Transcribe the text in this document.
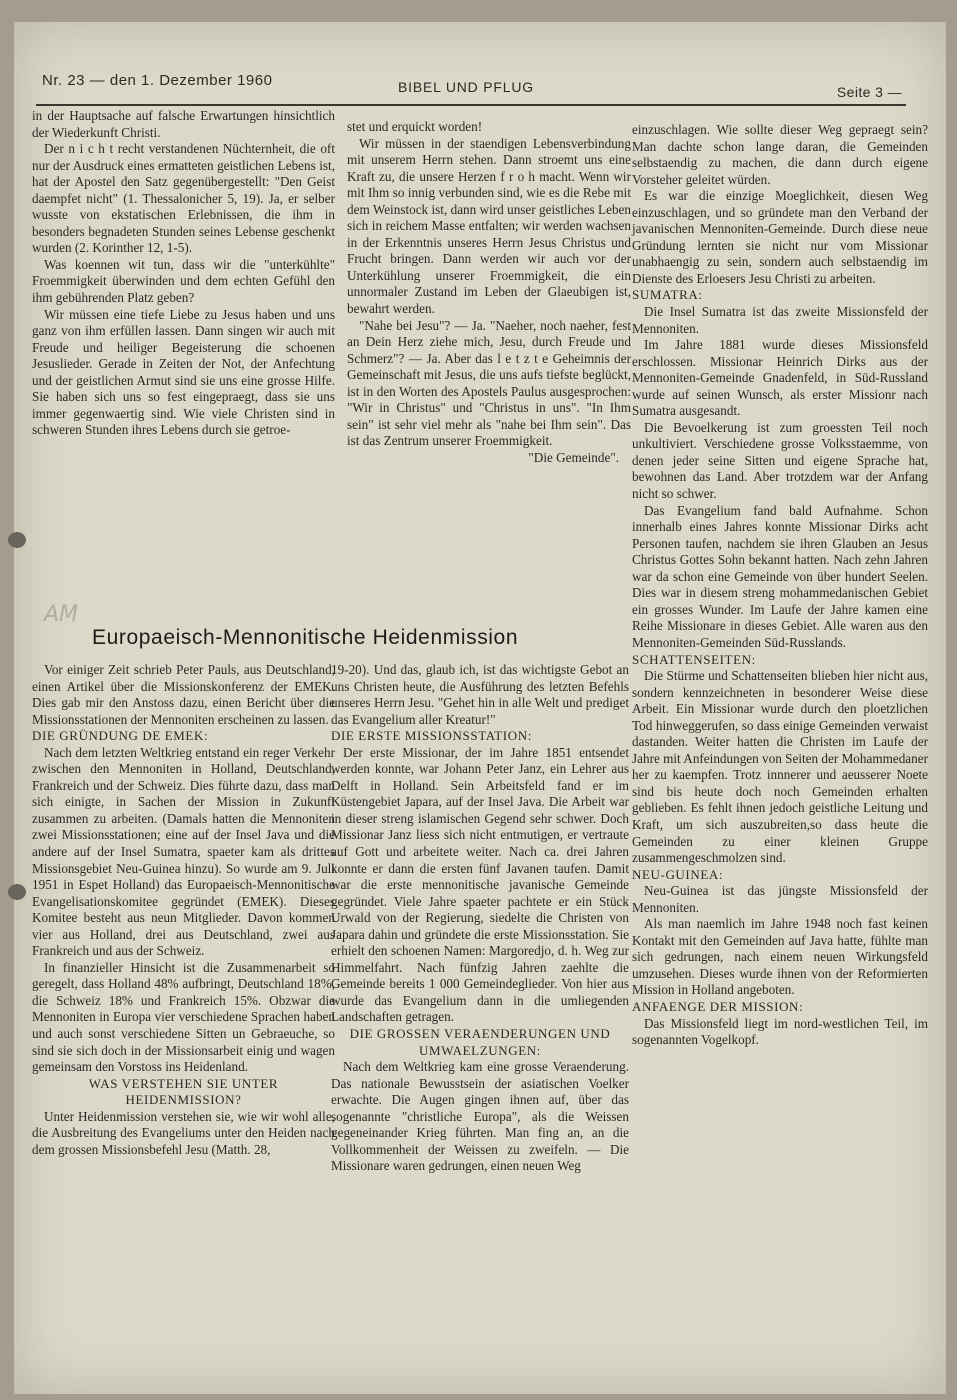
Nr. 23 — den 1. Dezember 1960	BIBEL UND PFLUG	Seite 3 —

in der Hauptsache auf falsche Erwartungen hinsichtlich der Wiederkunft Christi.

Der n i c h t recht verstandenen Nüchternheit, die oft nur der Ausdruck eines ermatteten geistlichen Lebens ist, hat der Apostel den Satz gegenübergestellt: "Den Geist daempfet nicht" (1. Thessalonicher 5, 19). Ja, er selber wusste von ekstatischen Erlebnissen, die ihm in besonders begnadeten Stunden seines Lebense geschenkt wurden (2. Korinther 12, 1-5).

Was koennen wit tun, dass wir die "unterkühlte" Froemmigkeit überwinden und dem echten Gefühl den ihm gebührenden Platz geben?

Wir müssen eine tiefe Liebe zu Jesus haben und uns ganz von ihm erfüllen lassen. Dann singen wir auch mit Freude und heiliger Begeisterung die schoenen Jesuslieder. Gerade in Zeiten der Not, der Anfechtung und der geistlichen Armut sind sie uns eine grosse Hilfe. Sie haben sich uns so fest eingepraegt, dass sie uns immer gegenwaertig sind. Wie viele Christen sind in schweren Stunden ihres Lebens durch sie getroe-

stet und erquickt worden!

Wir müssen in der staendigen Lebensverbindung mit unserem Herrn stehen. Dann stroemt uns eine Kraft zu, die unsere Herzen f r o h macht. Wenn wir mit Ihm so innig verbunden sind, wie es die Rebe mit dem Weinstock ist, dann wird unser geistliches Leben sich in reichem Masse entfalten; wir werden wachsen in der Erkenntnis unseres Herrn Jesus Christus und Frucht bringen. Dann werden wir auch vor der Unterkühlung unserer Froemmigkeit, die ein unnormaler Zustand im Leben der Glaeubigen ist, bewahrt werden.

"Nahe bei Jesu"? — Ja. "Naeher, noch naeher, fest an Dein Herz ziehe mich, Jesu, durch Freude und Schmerz"? — Ja. Aber das l e t z t e Geheimnis der Gemeinschaft mit Jesus, die uns aufs tiefste beglückt, ist in den Worten des Apostels Paulus ausgesprochen: "Wir in Christus" und "Christus in uns". "In Ihm sein" ist sehr viel mehr als "nahe bei Ihm sein". Das ist das Zentrum unserer Froemmigkeit.

"Die Gemeinde".

einzuschlagen. Wie sollte dieser Weg gepraegt sein? Man dachte schon lange daran, die Gemeinden selbstaendig zu machen, die dann durch eigene Vorsteher geleitet würden.

Es war die einzige Moeglichkeit, diesen Weg einzuschlagen, und so gründete man den Verband der javanischen Mennoniten-Gemeinde. Durch diese neue Gründung lernten sie nicht nur vom Missionar unabhaengig zu sein, sondern auch selbstaendig im Dienste des Erloesers Jesu Christi zu arbeiten.

SUMATRA:

Die Insel Sumatra ist das zweite Missionsfeld der Mennoniten.

Im Jahre 1881 wurde dieses Missionsfeld erschlossen. Missionar Heinrich Dirks aus der Mennoniten-Gemeinde Gnadenfeld, in Süd-Russland wurde auf seinen Wunsch, als erster Missionr nach Sumatra ausgesandt.

Die Bevoelkerung ist zum groessten Teil noch unkultiviert. Verschiedene grosse Volksstaemme, von denen jeder seine Sitten und eigene Sprache hat, bewohnen das Land. Aber trotzdem war der Anfang nicht so schwer.

Das Evangelium fand bald Aufnahme. Schon innerhalb eines Jahres konnte Missionar Dirks acht Personen taufen, nachdem sie ihren Glauben an Jesus Christus Gottes Sohn bekannt hatten. Nach zehn Jahren war da schon eine Gemeinde von über hundert Seelen. Dies war in diesem streng mohammedanischen Gebiet ein grosses Wunder. Im Laufe der Jahre kamen eine Reihe Missionare in dieses Gebiet. Alle waren aus den Mennoniten-Gemeinden Süd-Russlands.

SCHATTENSEITEN:

Die Stürme und Schattenseiten blieben hier nicht aus, sondern kennzeichneten in besonderer Weise diese Arbeit. Ein Missionar wurde durch den ploetzlichen Tod hinweggerufen, so dass einige Gemeinden verwaist dastanden. Weiter hatten die Christen im Laufe der Jahre mit Anfeindungen von Seiten der Mohammedaner her zu kaempfen. Trotz innnerer und aeusserer Noete sind bis heute doch noch Gemeinden erhalten geblieben. Es fehlt ihnen jedoch geistliche Leitung und Kraft, um sich auszubreiten,so dass heute die Gemeinden zu einer kleinen Gruppe zusammengeschmolzen sind.

NEU-GUINEA:

Neu-Guinea ist das jüngste Missionsfeld der Mennoniten.

Als man naemlich im Jahre 1948 noch fast keinen Kontakt mit den Gemeinden auf Java hatte, fühlte man sich gedrungen, nach einem neuen Wirkungsfeld umzusehen. Dieses wurde ihnen von der Reformierten Mission in Holland angeboten.

ANFAENGE DER MISSION:

Das Missionsfeld liegt im nord-westlichen Teil, im sogenannten Vogelkopf.

AM
Europaeisch-Mennonitische Heidenmission

Vor einiger Zeit schrieb Peter Pauls, aus Deutschland, einen Artikel über die Missionskonferenz der EMEK. Dies gab mir den Anstoss dazu, einen Bericht über die Missionsstationen der Mennoniten erscheinen zu lassen.

DIE GRÜNDUNG DE EMEK:

Nach dem letzten Weltkrieg entstand ein reger Verkehr zwischen den Mennoniten in Holland, Deutschland, Frankreich und der Schweiz. Dies führte dazu, dass man sich einigte, in Sachen der Mission in Zukunft zusammen zu arbeiten. (Damals hatten die Mennoniten zwei Missionsstationen; eine auf der Insel Java und die andere auf der Insel Sumatra, spaeter kam als drittes Missionsgebiet Neu-Guinea hinzu). So wurde am 9. Juli 1951 in Espet Holland) das Europaeisch-Mennonitische Evangelisationskomitee gegründet (EMEK). Dieses Komitee besteht aus neun Mitglieder. Davon kommen vier aus Holland, drei aus Deutschland, zwei aus Frankreich und aus der Schweiz.

In finanzieller Hinsicht ist die Zusammenarbeit so geregelt, dass Holland 48% aufbringt, Deutschland 18%, die Schweiz 18% und Frankreich 15%. Obzwar die Mennoniten in Europa vier verschiedene Sprachen haben und auch sonst verschiedene Sitten un Gebraeuche, so sind sie sich doch in der Missionsarbeit einig und wagen gemeinsam den Vorstoss ins Heidenland.

WAS VERSTEHEN SIE UNTER HEIDENMISSION?

Unter Heidenmission verstehen sie, wie wir wohl alle, die Ausbreitung des Evangeliums unter den Heiden nach dem grossen Missionsbefehl Jesu (Matth. 28,

19-20). Und das, glaub ich, ist das wichtigste Gebot an uns Christen heute, die Ausführung des letzten Befehls unseres Herrn Jesu. "Gehet hin in alle Welt und prediget das Evangelium aller Kreatur!"

DIE ERSTE MISSIONSSTATION:

Der erste Missionar, der im Jahre 1851 entsendet werden konnte, war Johann Peter Janz, ein Lehrer aus Delft in Holland. Sein Arbeitsfeld fand er im Küstengebiet Japara, auf der Insel Java. Die Arbeit war in dieser streng islamischen Gegend sehr schwer. Doch Missionar Janz liess sich nicht entmutigen, er vertraute auf Gott und arbeitete weiter. Nach ca. drei Jahren konnte er dann die ersten fünf Javanen taufen. Damit war die erste mennonitische javanische Gemeinde gegründet. Viele Jahre spaeter pachtete er ein Stück Urwald von der Regierung, siedelte die Christen von Japara dahin und gründete die erste Missionsstation. Sie erhielt den schoenen Namen: Margoredjo, d. h. Weg zur Himmelfahrt. Nach fünfzig Jahren zaehlte die Gemeinde bereits 1 000 Gemeindeglieder. Von hier aus wurde das Evangelium dann in die umliegenden Landschaften getragen.

DIE GROSSEN VERAENDERUNGEN UND UMWAELZUNGEN:

Nach dem Weltkrieg kam eine grosse Veraenderung. Das nationale Bewusstsein der asiatischen Voelker erwachte. Die Augen gingen ihnen auf, über das sogenannte "christliche Europa", als die Weissen gegeneinander Krieg führten. Man fing an, an die Vollkommenheit der Weissen zu zweifeln. — Die Missionare waren gedrungen, einen neuen Weg
